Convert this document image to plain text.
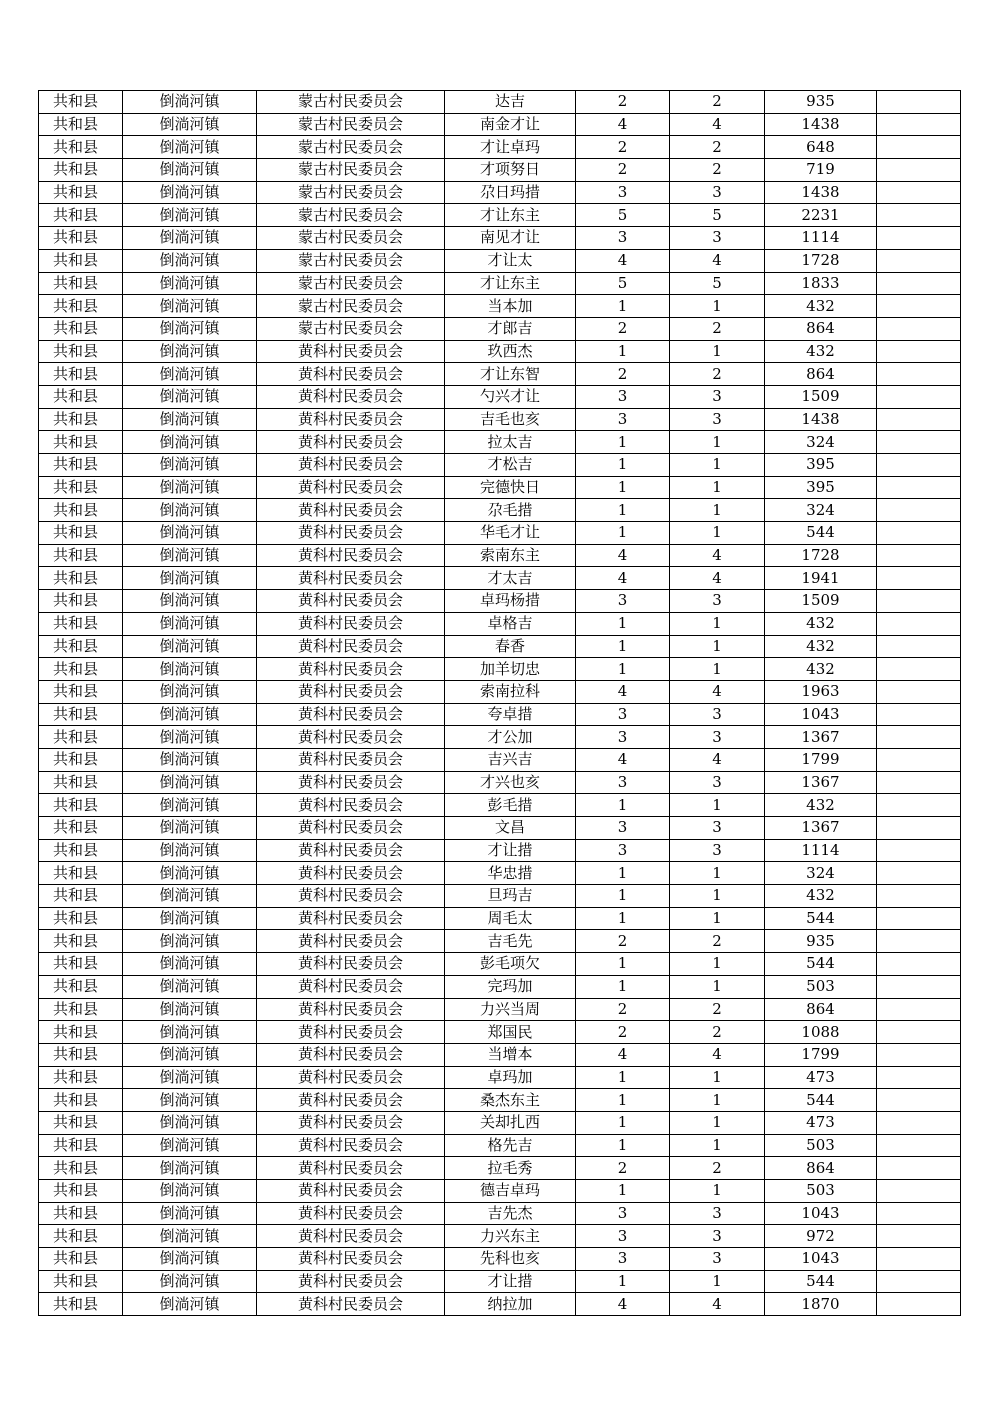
共和县	倒淌河镇	蒙古村民委员会	达吉	2	2	935	
共和县	倒淌河镇	蒙古村民委员会	南金才让	4	4	1438	
共和县	倒淌河镇	蒙古村民委员会	才让卓玛	2	2	648	
共和县	倒淌河镇	蒙古村民委员会	才项努日	2	2	719	
共和县	倒淌河镇	蒙古村民委员会	尕日玛措	3	3	1438	
共和县	倒淌河镇	蒙古村民委员会	才让东主	5	5	2231	
共和县	倒淌河镇	蒙古村民委员会	南见才让	3	3	1114	
共和县	倒淌河镇	蒙古村民委员会	才让太	4	4	1728	
共和县	倒淌河镇	蒙古村民委员会	才让东主	5	5	1833	
共和县	倒淌河镇	蒙古村民委员会	当本加	1	1	432	
共和县	倒淌河镇	蒙古村民委员会	才郎吉	2	2	864	
共和县	倒淌河镇	黄科村民委员会	玖西杰	1	1	432	
共和县	倒淌河镇	黄科村民委员会	才让东智	2	2	864	
共和县	倒淌河镇	黄科村民委员会	勺兴才让	3	3	1509	
共和县	倒淌河镇	黄科村民委员会	吉毛也亥	3	3	1438	
共和县	倒淌河镇	黄科村民委员会	拉太吉	1	1	324	
共和县	倒淌河镇	黄科村民委员会	才松吉	1	1	395	
共和县	倒淌河镇	黄科村民委员会	完德快日	1	1	395	
共和县	倒淌河镇	黄科村民委员会	尕毛措	1	1	324	
共和县	倒淌河镇	黄科村民委员会	华毛才让	1	1	544	
共和县	倒淌河镇	黄科村民委员会	索南东主	4	4	1728	
共和县	倒淌河镇	黄科村民委员会	才太吉	4	4	1941	
共和县	倒淌河镇	黄科村民委员会	卓玛杨措	3	3	1509	
共和县	倒淌河镇	黄科村民委员会	卓格吉	1	1	432	
共和县	倒淌河镇	黄科村民委员会	春香	1	1	432	
共和县	倒淌河镇	黄科村民委员会	加羊切忠	1	1	432	
共和县	倒淌河镇	黄科村民委员会	索南拉科	4	4	1963	
共和县	倒淌河镇	黄科村民委员会	夸卓措	3	3	1043	
共和县	倒淌河镇	黄科村民委员会	才公加	3	3	1367	
共和县	倒淌河镇	黄科村民委员会	吉兴吉	4	4	1799	
共和县	倒淌河镇	黄科村民委员会	才兴也亥	3	3	1367	
共和县	倒淌河镇	黄科村民委员会	彭毛措	1	1	432	
共和县	倒淌河镇	黄科村民委员会	文昌	3	3	1367	
共和县	倒淌河镇	黄科村民委员会	才让措	3	3	1114	
共和县	倒淌河镇	黄科村民委员会	华忠措	1	1	324	
共和县	倒淌河镇	黄科村民委员会	旦玛吉	1	1	432	
共和县	倒淌河镇	黄科村民委员会	周毛太	1	1	544	
共和县	倒淌河镇	黄科村民委员会	吉毛先	2	2	935	
共和县	倒淌河镇	黄科村民委员会	彭毛项欠	1	1	544	
共和县	倒淌河镇	黄科村民委员会	完玛加	1	1	503	
共和县	倒淌河镇	黄科村民委员会	力兴当周	2	2	864	
共和县	倒淌河镇	黄科村民委员会	郑国民	2	2	1088	
共和县	倒淌河镇	黄科村民委员会	当增本	4	4	1799	
共和县	倒淌河镇	黄科村民委员会	卓玛加	1	1	473	
共和县	倒淌河镇	黄科村民委员会	桑杰东主	1	1	544	
共和县	倒淌河镇	黄科村民委员会	关却扎西	1	1	473	
共和县	倒淌河镇	黄科村民委员会	格先吉	1	1	503	
共和县	倒淌河镇	黄科村民委员会	拉毛秀	2	2	864	
共和县	倒淌河镇	黄科村民委员会	德吉卓玛	1	1	503	
共和县	倒淌河镇	黄科村民委员会	吉先杰	3	3	1043	
共和县	倒淌河镇	黄科村民委员会	力兴东主	3	3	972	
共和县	倒淌河镇	黄科村民委员会	先科也亥	3	3	1043	
共和县	倒淌河镇	黄科村民委员会	才让措	1	1	544	
共和县	倒淌河镇	黄科村民委员会	纳拉加	4	4	1870	
